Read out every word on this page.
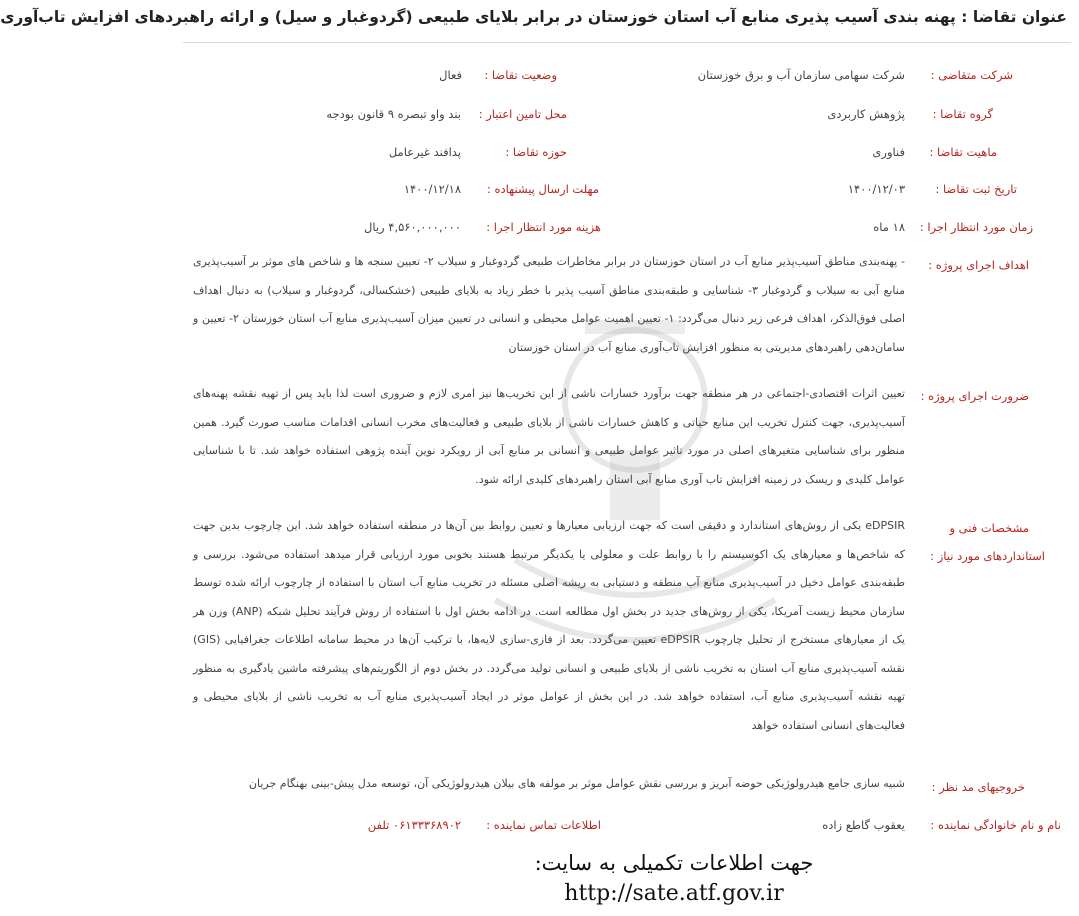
عنوان تقاضا : پهنه بندی آسیب پذیری منابع آب استان خوزستان در برابر بلایای طبیعی (گردوغبار و سیل) و ارائه راهبردهای افزایش تاب‌آوری
شرکت متقاضی :
شرکت سهامی سازمان آب و برق خوزستان
وضعیت تقاضا :
فعال
گروه تقاضا :
پژوهش کاربردی
محل تامین اعتبار :
بند واو تبصره ۹ قانون بودجه
ماهیت تقاضا :
فناوری
حوزه تقاضا :
پدافند غیرعامل
تاریخ ثبت تقاضا :
۱۴۰۰/۱۲/۰۳
مهلت ارسال پیشنهاده :
۱۴۰۰/۱۲/۱۸
زمان مورد انتظار اجرا :
۱۸ ماه
هزینه مورد انتظار اجرا :
۴,۵۶۰,۰۰۰,۰۰۰ ریال
اهداف اجرای پروژه :
- پهنه‌بندی مناطق آسیب‌پذیر منابع آب در استان خوزستان در برابر مخاطرات طبیعی گردوغبار و سیلاب ۲- تعیین سنجه ها و شاخص های موثر بر آسیب‌پذیری منابع آبی به سیلاب و گردوغبار ۳- شناسایی و طبقه‌بندی مناطق آسیب پذیر با خطر زیاد به بلایای طبیعی (خشکسالی، گردوغبار و سیلاب) به دنبال اهداف اصلی فوق‌الذکر، اهداف فرعی زیر دنبال می‌گردد: ۱- تعیین اهمیت عوامل محیطی و انسانی در تعیین میزان آسیب‌پذیری منابع آب استان خوزستان ۲- تعیین و سامان‌دهی راهبردهای مدیریتی به منظور افزایش تاب‌آوری منابع آب در استان خوزستان
ضرورت اجرای پروژه :
تعیین اثرات اقتصادی-اجتماعی در هر منطقه جهت برآورد خسارات ناشی از این تخریب‌ها نیز امری لازم و ضروری است لذا باید پس از تهیه نقشه پهنه‌های آسیب‌پذیری، جهت کنترل تخریب این منابع حیاتی و کاهش خسارات ناشی از بلایای طبیعی و فعالیت‌های مخرب انسانی اقدامات مناسب صورت گیرد. همین منظور برای شناسایی متغیرهای اصلی در مورد تاثیر عوامل طبیعی و انسانی بر منابع آبی از رویکرد نوین آینده پژوهی استفاده خواهد شد. تا با شناسایی عوامل کلیدی و ریسک در زمینه افزایش تاب آوری منابع آبی استان راهبردهای کلیدی ارائه شود.
مشخصات فنی و
استانداردهای مورد نیاز :
eDPSIR یکی از روش‌های استاندارد و دقیقی است که جهت ارزیابی معیارها و تعیین روابط بین آن‌ها در منطقه استفاده خواهد شد. این چارچوب بدین جهت که شاخص‌ها و معیارهای یک اکوسیستم را با روابط علت و معلولی یا یکدیگر مرتبط هستند بخوبی مورد ارزیابی قرار میدهد استفاده می‌شود. بررسی و طبقه‌بندی عوامل دخیل در آسیب‌پذیری منابع آب منطقه و دستیابی به ریشه اصلی مسئله در تخریب منابع آب استان با استفاده از چارچوب ارائه شده توسط سازمان محیط زیست آمریکا، یکی از روش‌های جدید در بخش اول مطالعه است. در ادامه بخش اول با استفاده از روش فرآیند تحلیل شبکه (ANP) وزن هر یک از معیارهای مستخرج از تحلیل چارچوب eDPSIR تعیین می‌گردد. بعد از فازی-سازی لایه‌ها، با ترکیب آن‌ها در محیط سامانه اطلاعات جغرافیایی (GIS) نقشه آسیب‌پذیری منابع آب استان به تخریب ناشی از بلایای طبیعی و انسانی تولید می‌گردد. در بخش دوم از الگوریتم‌های پیشرفته ماشین یادگیری به منظور تهیه نقشه آسیب‌پذیری منابع آب، استفاده خواهد شد. در این بخش از عوامل موثر در ایجاد آسیب‌پذیری منابع آب به تخریب ناشی از بلایای محیطی و فعالیت‌های انسانی استفاده خواهد
خروجیهای مد نظر :
شبیه سازی جامع هیدرولوژیکی حوضه آبریز و بررسی نقش عوامل موثر بر مولفه های بیلان هیدرولوژیکی آن، توسعه مدل پیش-بینی بهنگام جریان
نام و نام خانوادگی نماینده :
یعقوب گاطع زاده
اطلاعات تماس نماینده :
۰۶۱۳۳۳۶۸۹۰۲ تلفن
جهت اطلاعات تکمیلی به سایت:
http://sate.atf.gov.ir
